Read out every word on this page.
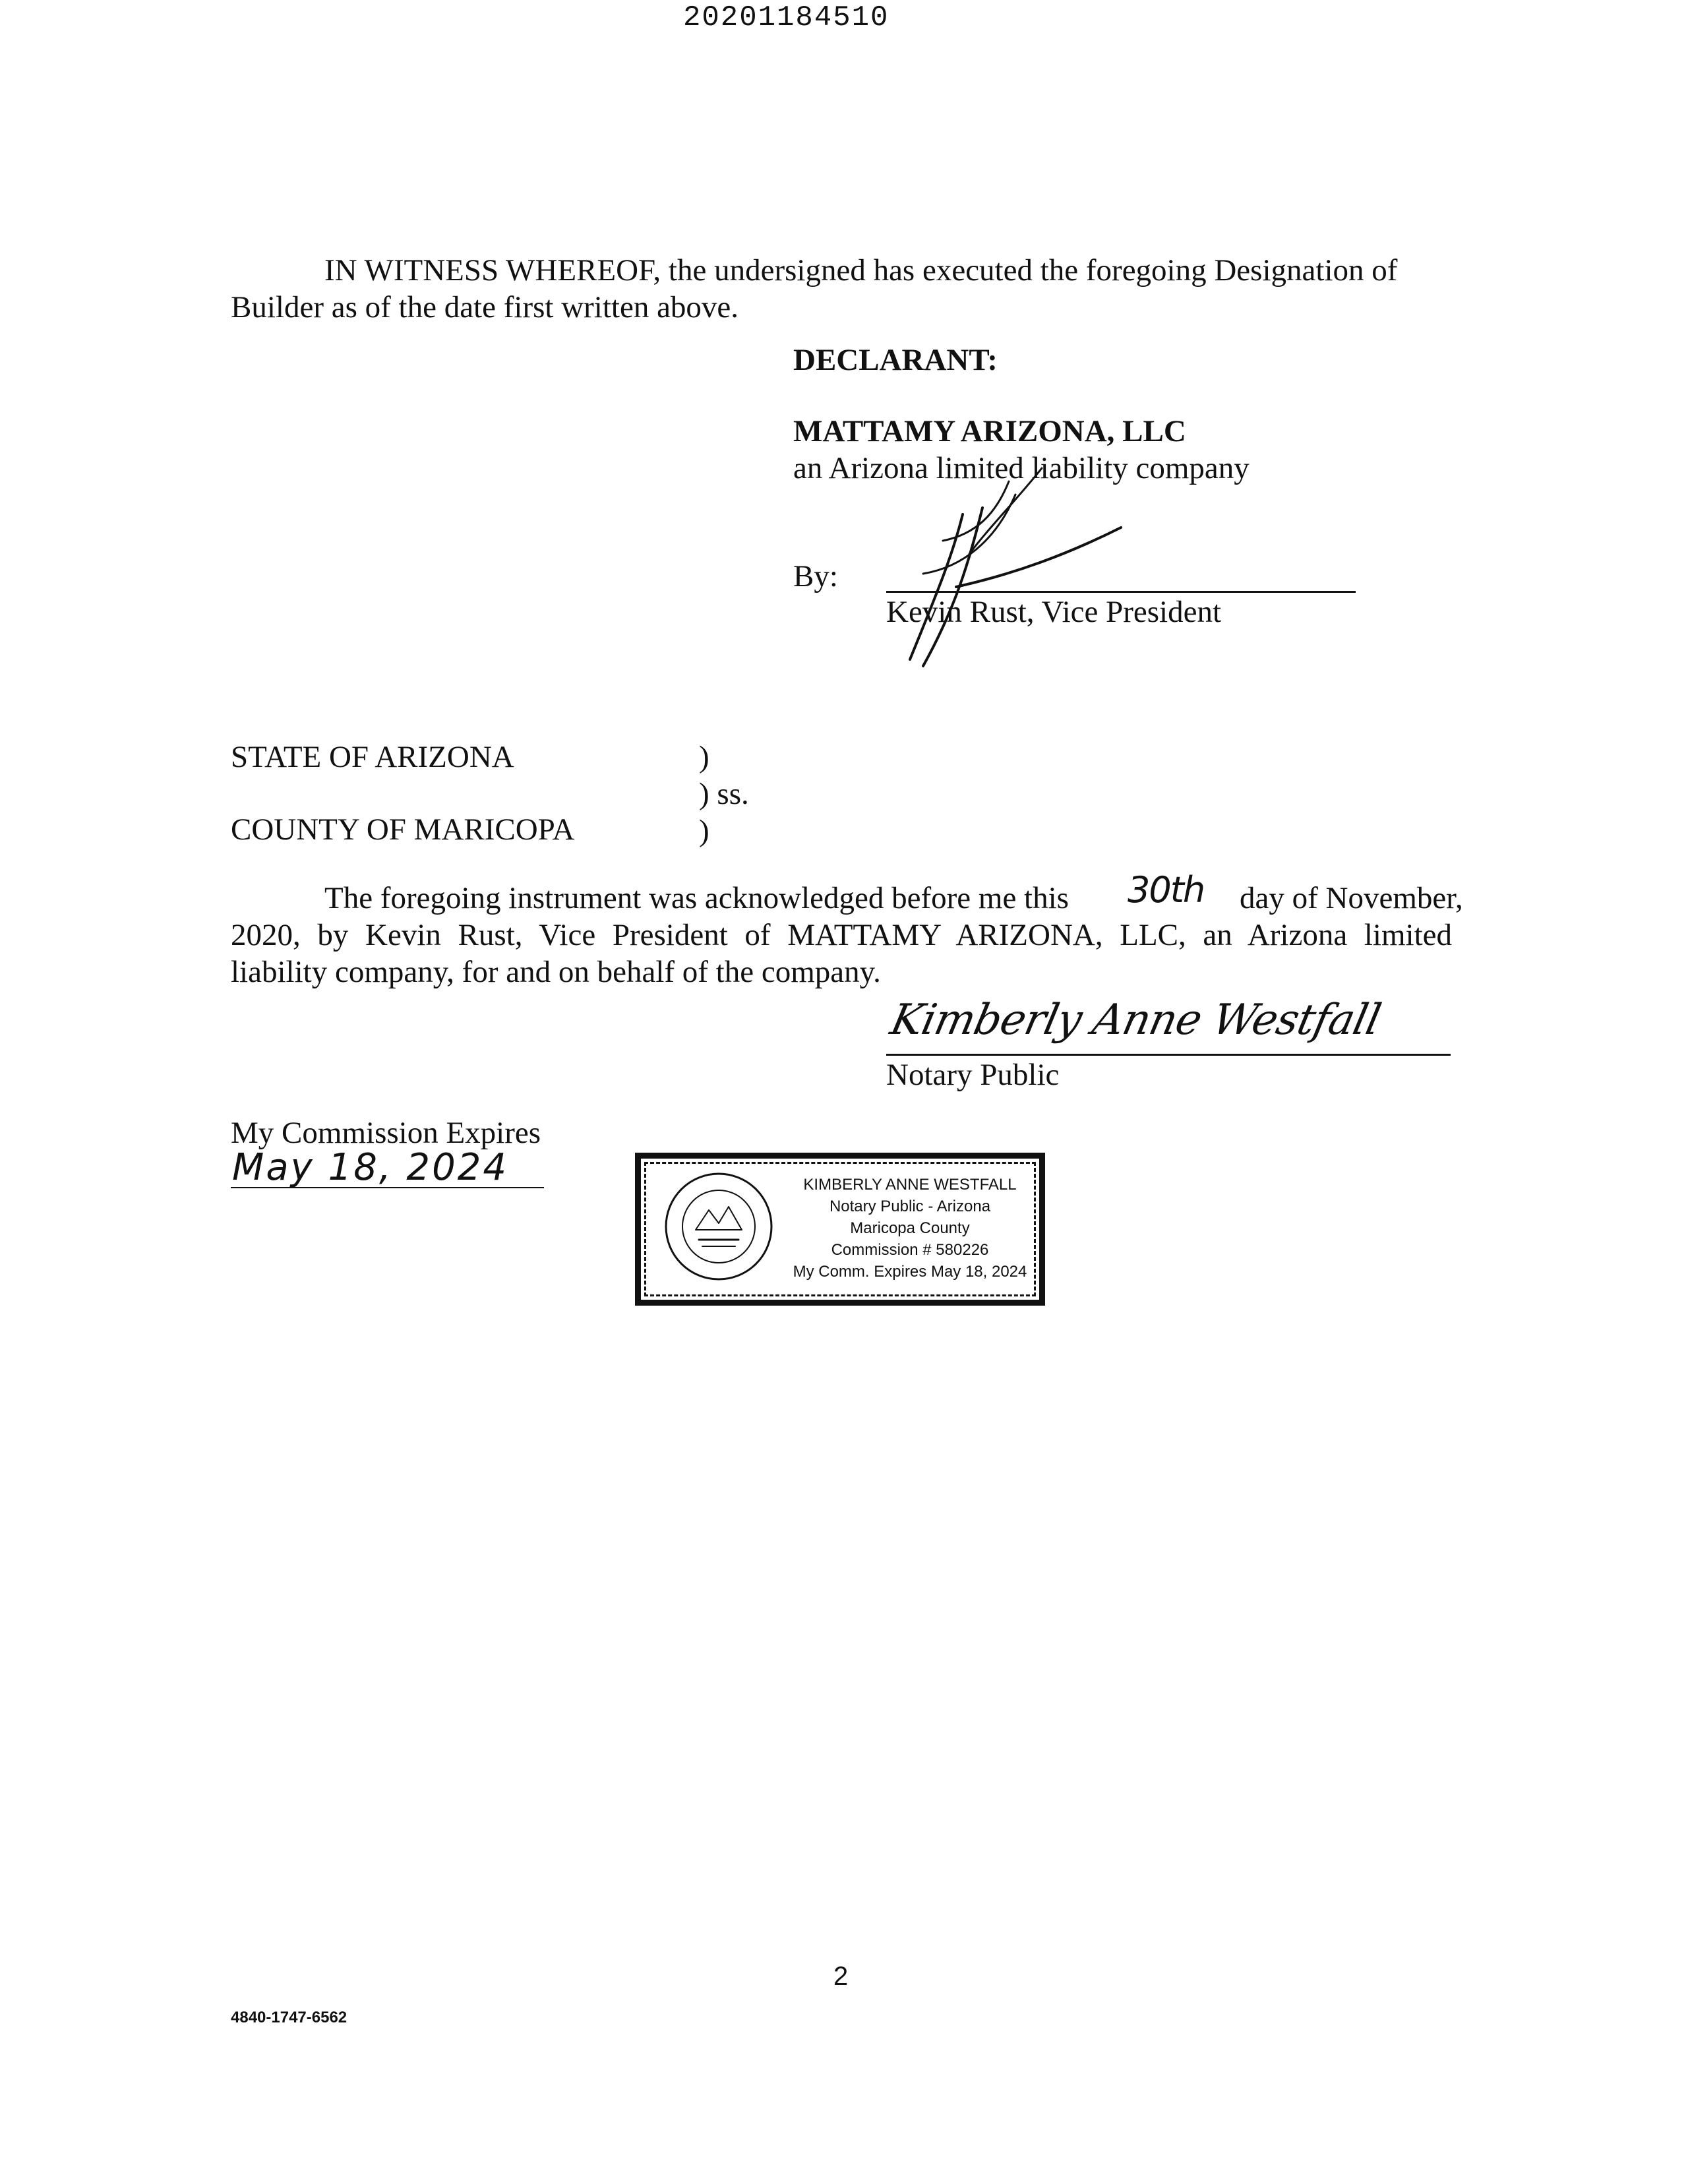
20201184510
IN WITNESS WHEREOF, the undersigned has executed the foregoing Designation of
Builder as of the date first written above.
DECLARANT:
MATTAMY ARIZONA, LLC
an Arizona limited liability company
By:
Kevin Rust, Vice President
STATE OF ARIZONA
COUNTY OF MARICOPA
)
) ss.
)
The foregoing instrument was acknowledged before me this 30th day of November,
2020, by Kevin Rust, Vice President of MATTAMY ARIZONA, LLC, an Arizona limited
liability company, for and on behalf of the company.
Kimberly Anne Westfall
Notary Public
My Commission Expires
May 18, 2024	KIMBERLY ANNE WESTFALL
Notary Public - Arizona
Maricopa County
Commission # 580226
My Comm. Expires May 18, 2024
2
4840-1747-6562
